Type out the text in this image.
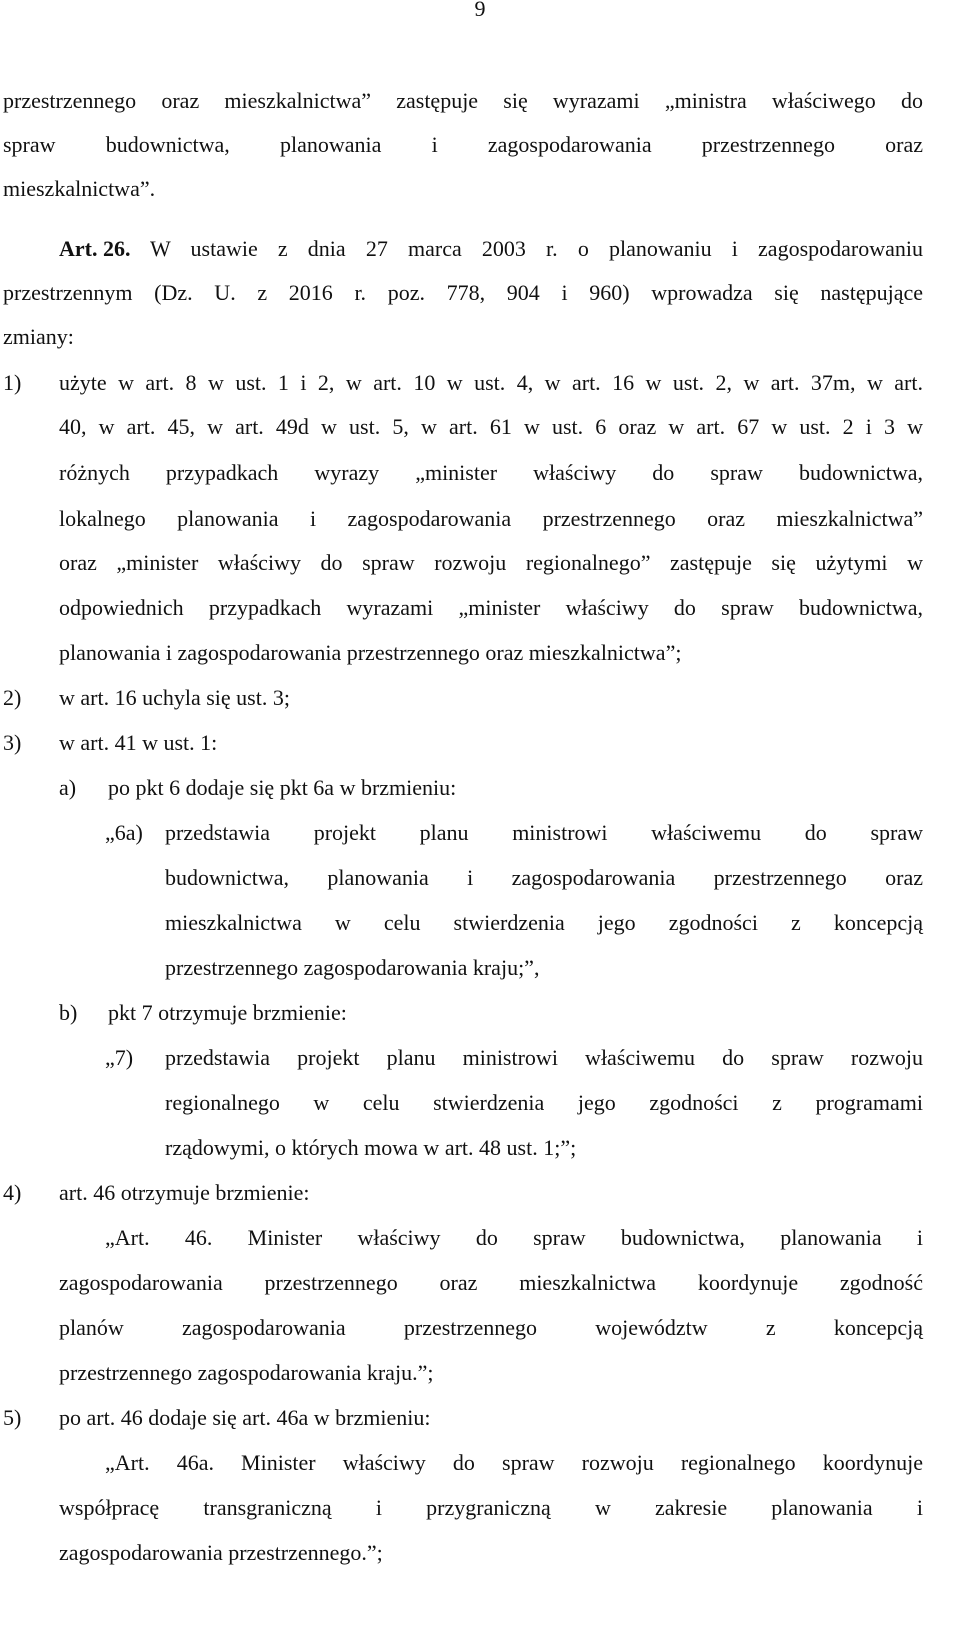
9
przestrzennego oraz mieszkalnictwa” zastępuje się wyrazami „ministra właściwego do
spraw budownictwa, planowania i zagospodarowania przestrzennego oraz
mieszkalnictwa”.
Art. 26. W ustawie z dnia 27 marca 2003 r. o planowaniu i zagospodarowaniu
przestrzennym (Dz. U. z 2016 r. poz. 778, 904 i 960) wprowadza się następujące
zmiany:
1) użyte w art. 8 w ust. 1 i 2, w art. 10 w ust. 4, w art. 16 w ust. 2, w art. 37m, w art.
40, w art. 45, w art. 49d w ust. 5, w art. 61 w ust. 6 oraz w art. 67 w ust. 2 i 3 w
różnych przypadkach wyrazy „minister właściwy do spraw budownictwa,
lokalnego planowania i zagospodarowania przestrzennego oraz mieszkalnictwa”
oraz „minister właściwy do spraw rozwoju regionalnego” zastępuje się użytymi w
odpowiednich przypadkach wyrazami „minister właściwy do spraw budownictwa,
planowania i zagospodarowania przestrzennego oraz mieszkalnictwa”;
2) w art. 16 uchyla się ust. 3;
3) w art. 41 w ust. 1:
a) po pkt 6 dodaje się pkt 6a w brzmieniu:
„6a) przedstawia projekt planu ministrowi właściwemu do spraw
budownictwa, planowania i zagospodarowania przestrzennego oraz
mieszkalnictwa w celu stwierdzenia jego zgodności z koncepcją
przestrzennego zagospodarowania kraju;”,
b) pkt 7 otrzymuje brzmienie:
„7) przedstawia projekt planu ministrowi właściwemu do spraw rozwoju
regionalnego w celu stwierdzenia jego zgodności z programami
rządowymi, o których mowa w art. 48 ust. 1;”;
4) art. 46 otrzymuje brzmienie:
„Art. 46. Minister właściwy do spraw budownictwa, planowania i
zagospodarowania przestrzennego oraz mieszkalnictwa koordynuje zgodność
planów zagospodarowania przestrzennego województw z koncepcją
przestrzennego zagospodarowania kraju.”;
5) po art. 46 dodaje się art. 46a w brzmieniu:
„Art. 46a. Minister właściwy do spraw rozwoju regionalnego koordynuje
współpracę transgraniczną i przygraniczną w zakresie planowania i
zagospodarowania przestrzennego.”;
